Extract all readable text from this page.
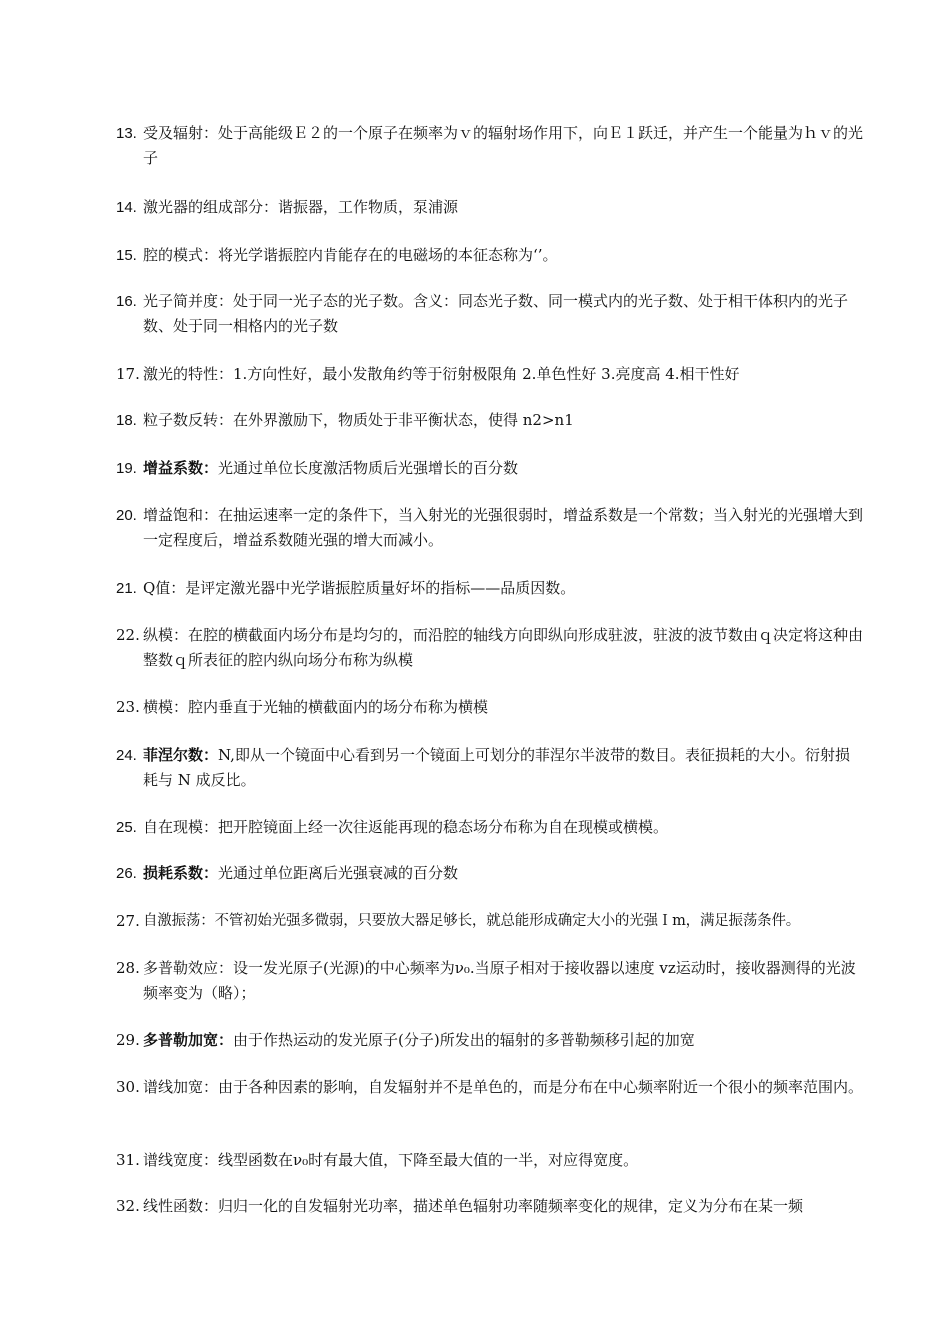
13. 受及辐射：处于高能级Ｅ２的一个原子在频率为ｖ的辐射场作用下，向Ｅ１跃迁，并产生一个能量为ｈｖ的光子
14. 激光器的组成部分：谐振器，工作物质，泵浦源
15. 腔的模式：将光学谐振腔内肯能存在的电磁场的本征态称为‘’。
16. 光子简并度：处于同一光子态的光子数。含义：同态光子数、同一模式内的光子数、处于相干体积内的光子数、处于同一相格内的光子数
17. 激光的特性：1.方向性好，最小发散角约等于衍射极限角 2.单色性好 3.亮度高 4.相干性好
18. 粒子数反转：在外界激励下，物质处于非平衡状态，使得 n2>n1
19. 增益系数：光通过单位长度激活物质后光强增长的百分数
20. 增益饱和：在抽运速率一定的条件下，当入射光的光强很弱时，增益系数是一个常数；当入射光的光强增大到一定程度后，增益系数随光强的增大而减小。
21. Q值：是评定激光器中光学谐振腔质量好坏的指标——品质因数。
22. 纵模：在腔的横截面内场分布是均匀的，而沿腔的轴线方向即纵向形成驻波，驻波的波节数由ｑ决定将这种由整数ｑ所表征的腔内纵向场分布称为纵模
23. 横模：腔内垂直于光轴的横截面内的场分布称为横模
24. 菲涅尔数：N,即从一个镜面中心看到另一个镜面上可划分的菲涅尔半波带的数目。表征损耗的大小。衍射损耗与 N 成反比。
25. 自在现模：把开腔镜面上经一次往返能再现的稳态场分布称为自在现模或横模。
26. 损耗系数：光通过单位距离后光强衰减的百分数
27. 自激振荡：不管初始光强多微弱，只要放大器足够长，就总能形成确定大小的光强Ｉm，满足振荡条件。
28. 多普勒效应：设一发光原子(光源)的中心频率为ν₀.当原子相对于接收器以速度 vz运动时，接收器测得的光波频率变为（略）；
29. 多普勒加宽：由于作热运动的发光原子(分子)所发出的辐射的多普勒频移引起的加宽
30. 谱线加宽：由于各种因素的影响，自发辐射并不是单色的，而是分布在中心频率附近一个很小的频率范围内。
31. 谱线宽度：线型函数在ν₀时有最大值，下降至最大值的一半，对应得宽度。
32. 线性函数：归归一化的自发辐射光功率，描述单色辐射功率随频率变化的规律，定义为分布在某一频
